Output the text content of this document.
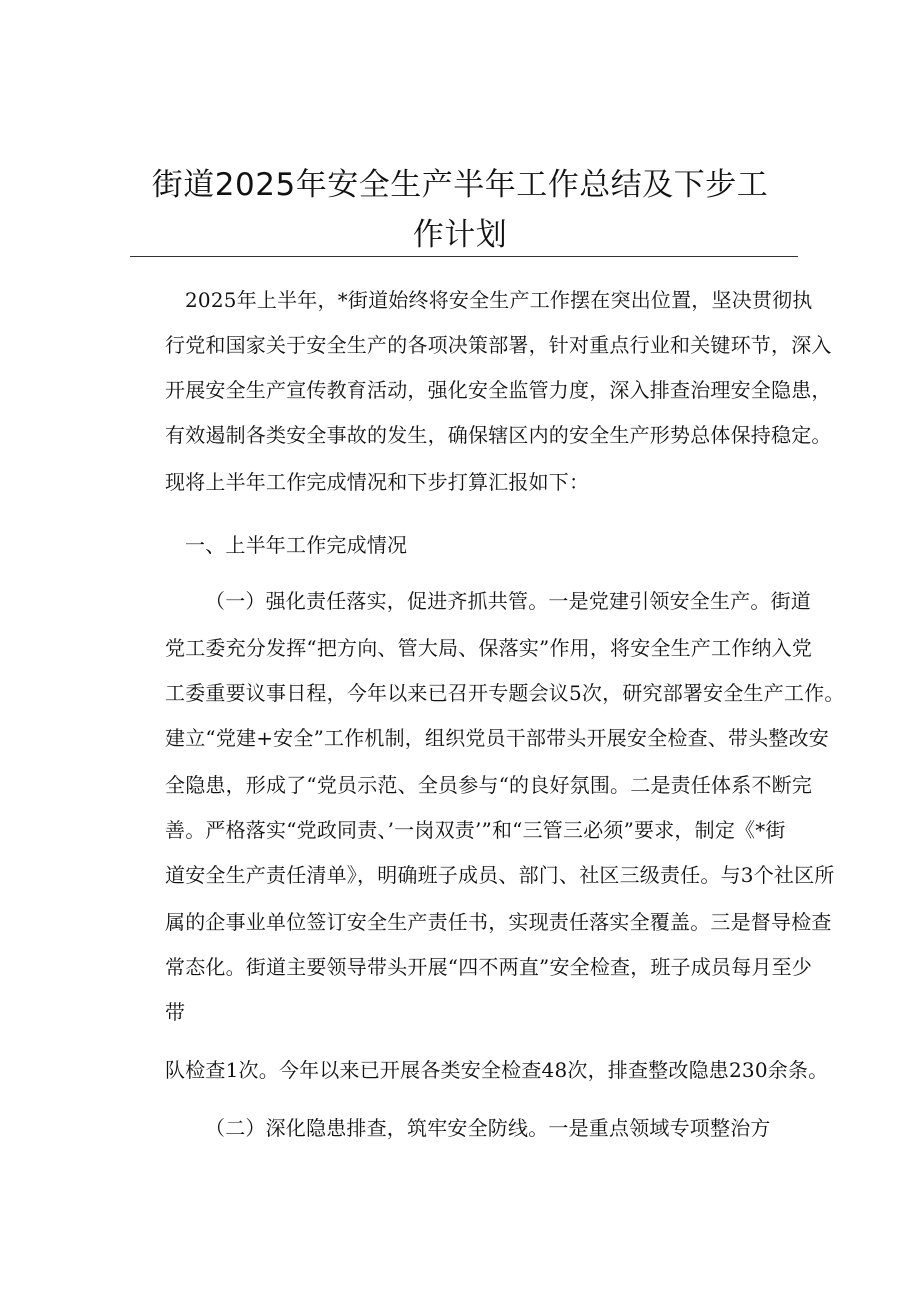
街道2025年安全生产半年工作总结及下步工
作计划
2025年上半年，*街道始终将安全生产工作摆在突出位置，坚决贯彻执
行党和国家关于安全生产的各项决策部署，针对重点行业和关键环节，深入
开展安全生产宣传教育活动，强化安全监管力度，深入排查治理安全隐患，
有效遏制各类安全事故的发生，确保辖区内的安全生产形势总体保持稳定。
现将上半年工作完成情况和下步打算汇报如下：
一、上半年工作完成情况
（一）强化责任落实，促进齐抓共管。一是党建引领安全生产。街道
党工委充分发挥“把方向、管大局、保落实”作用，将安全生产工作纳入党
工委重要议事日程，今年以来已召开专题会议5次，研究部署安全生产工作。
建立“党建+安全”工作机制，组织党员干部带头开展安全检查、带头整改安
全隐患，形成了“党员示范、全员参与“的良好氛围。二是责任体系不断完
善。严格落实“党政同责、’一岗双责’”和“三管三必须”要求，制定《*街
道安全生产责任清单》，明确班子成员、部门、社区三级责任。与3个社区所
属的企事业单位签订安全生产责任书，实现责任落实全覆盖。三是督导检查
常态化。街道主要领导带头开展“四不两直”安全检查，班子成员每月至少
带
队检查1次。今年以来已开展各类安全检查48次，排查整改隐患230余条。
（二）深化隐患排查，筑牢安全防线。一是重点领域专项整治方
